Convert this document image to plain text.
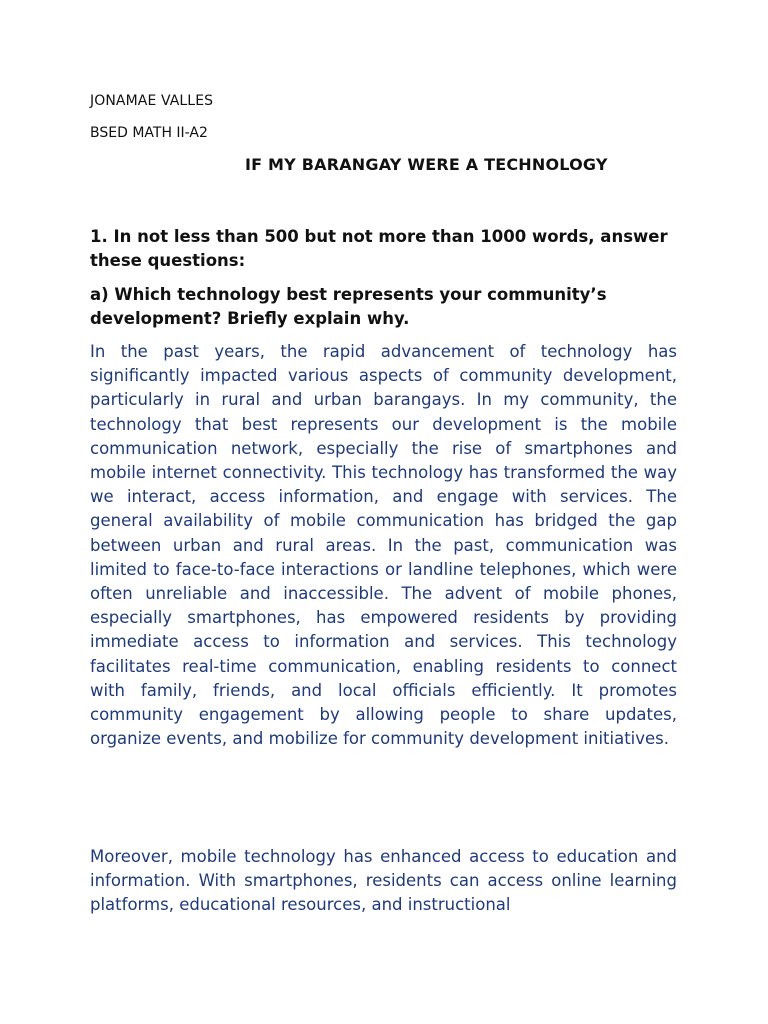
JONAMAE VALLES
BSED MATH II-A2
IF MY BARANGAY WERE A TECHNOLOGY
1. In not less than 500 but not more than 1000 words, answer these questions:
a) Which technology best represents your community’s development? Briefly explain why.

In the past years, the rapid advancement of technology has significantly impacted various aspects of community development, particularly in rural and urban barangays. In my community, the technology that best represents our development is the mobile communication network, especially the rise of smartphones and mobile internet connectivity. This technology has transformed the way we interact, access information, and engage with services. The general availability of mobile communication has bridged the gap between urban and rural areas. In the past, communication was limited to face-to-face interactions or landline telephones, which were often unreliable and inaccessible. The advent of mobile phones, especially smartphones, has empowered residents by providing immediate access to information and services. This technology facilitates real-time communication, enabling residents to connect with family, friends, and local officials efficiently. It promotes community engagement by allowing people to share updates, organize events, and mobilize for community development initiatives.

Moreover, mobile technology has enhanced access to education and information. With smartphones, residents can access online learning platforms, educational resources, and instructional
